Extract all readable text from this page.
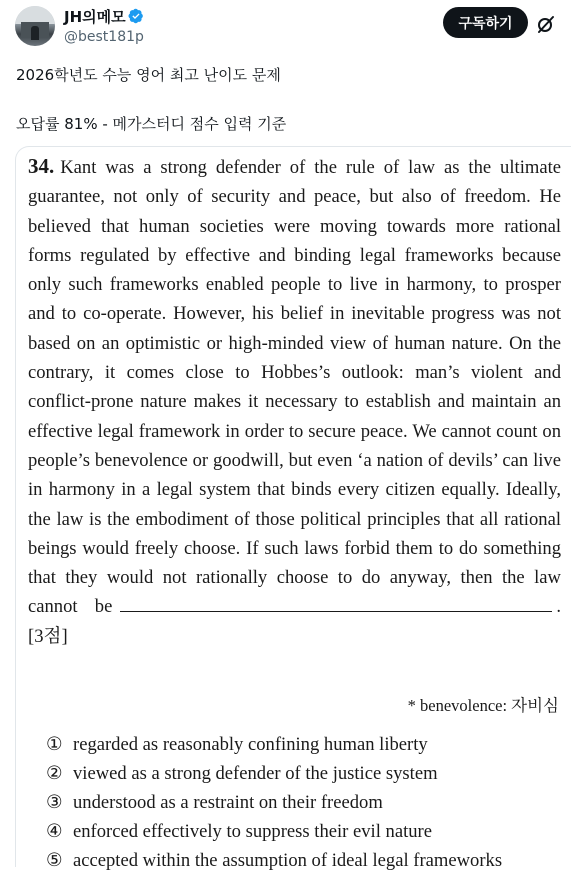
JH의메모
@best181p
구독하기
2026학년도 수능 영어 최고 난이도 문제
오답률 81% - 메가스터디 점수 입력 기준
34. Kant was a strong defender of the rule of law as the ultimate guarantee, not only of security and peace, but also of freedom. He believed that human societies were moving towards more rational forms regulated by effective and binding legal frameworks because only such frameworks enabled people to live in harmony, to prosper and to co-operate. However, his belief in inevitable progress was not based on an optimistic or high-minded view of human nature. On the contrary, it comes close to Hobbes’s outlook: man’s violent and conflict-prone nature makes it necessary to establish and maintain an effective legal framework in order to secure peace. We cannot count on people’s benevolence or goodwill, but even ‘a nation of devils’ can live in harmony in a legal system that binds every citizen equally. Ideally, the law is the embodiment of those political principles that all rational beings would freely choose. If such laws forbid them to do something that they would not rationally choose to do anyway, then the law cannot be	. [3점]
* benevolence: 자비심
① regarded as reasonably confining human liberty
② viewed as a strong defender of the justice system
③ understood as a restraint on their freedom
④ enforced effectively to suppress their evil nature
⑤ accepted within the assumption of ideal legal frameworks
